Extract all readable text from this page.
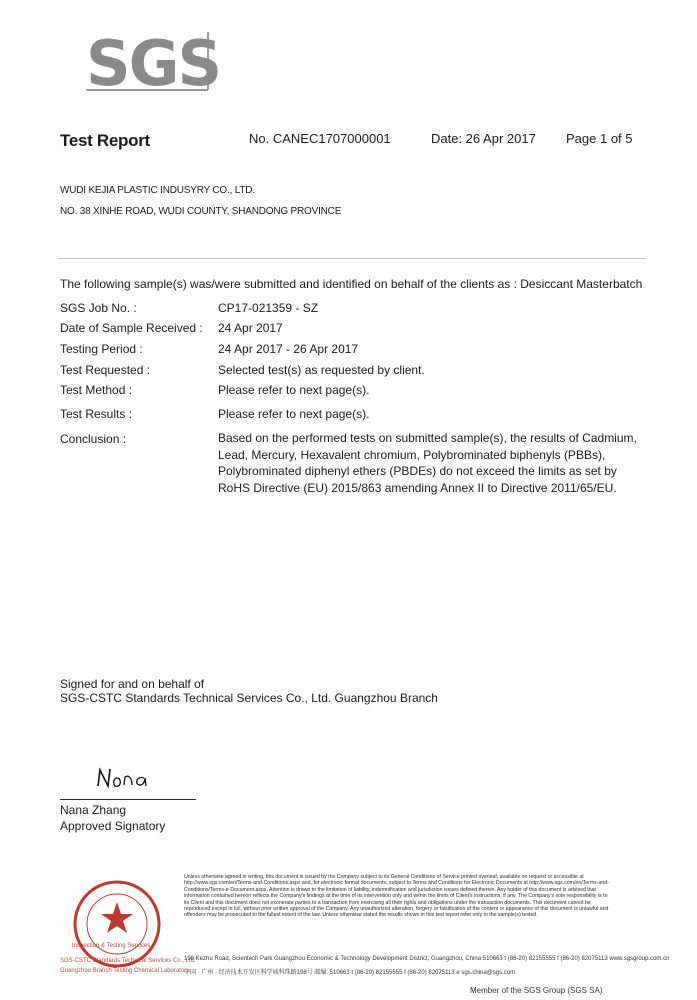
SGS
Test Report	No. CANEC1707000001	Date: 26 Apr 2017 Page 1 of 5
WUDI KEJIA PLASTIC INDUSYRY CO., LTD.
NO. 38 XINHE ROAD, WUDI COUNTY, SHANDONG PROVINCE
The following sample(s) was/were submitted and identified on behalf of the clients as : Desiccant Masterbatch
SGS Job No. :	CP17-021359 - SZ
Date of Sample Received : 24 Apr 2017
Testing Period :	24 Apr 2017 - 26 Apr 2017
Test Requested :	Selected test(s) as requested by client.
Test Method :	Please refer to next page(s).
Test Results :	Please refer to next page(s).
Conclusion :	Based on the performed tests on submitted sample(s), the results of Cadmium, Lead, Mercury, Hexavalent chromium, Polybrominated biphenyls (PBBs), Polybrominated diphenyl ethers (PBDEs) do not exceed the limits as set by RoHS Directive (EU) 2015/863 amending Annex II to Directive 2011/65/EU.
Signed for and on behalf of
SGS-CSTC Standards Technical Services Co., Ltd. Guangzhou Branch
Nana Zhang
Approved Signatory
Inspection & Testing Services
SGS-CSTC Standards Technical Services Co., Ltd.
Guangzhou Branch Testing Chemical Laboratory
Unless otherwise agreed in writing, this document is issued by the Company subject to its General Conditions of Service printed overleaf, available on request or accessible at http://www.sgs.com/en/Terms-and-Conditions.aspx and, for electronic format documents, subject to Terms and Conditions for Electronic Documents at http://www.sgs.com/en/Terms-and-Conditions/Terms-e-Document.aspx. Attention is drawn to the limitation of liability, indemnification and jurisdiction issues defined therein. Any holder of this document is advised that information contained hereon reflects the Company's findings at the time of its intervention only and within the limits of Client's instructions, if any. The Company's sole responsibility is to its Client and this document does not exonerate parties to a transaction from exercising all their rights and obligations under the transaction documents. This document cannot be reproduced except in full, without prior written approval of the Company. Any unauthorized alteration, forgery or falsification of the content or appearance of this document is unlawful and offenders may be prosecuted to the fullest extent of the law. Unless otherwise stated the results shown in this test report refer only to the sample(s) tested.
198 Kezhu Road, Scientech Park Guangzhou Economic & Technology Development District, Guangzhou, China 510663 t (86-20) 82155555 f (86-20) 82075113 www.sgsgroup.com.cn
中国 · 广州 · 经济技术开发区科学城科珠路198号 邮编: 510663 t (86-20) 82155555 f (86-20) 82075113 e sgs.china@sgs.com
Member of the SGS Group (SGS SA)
